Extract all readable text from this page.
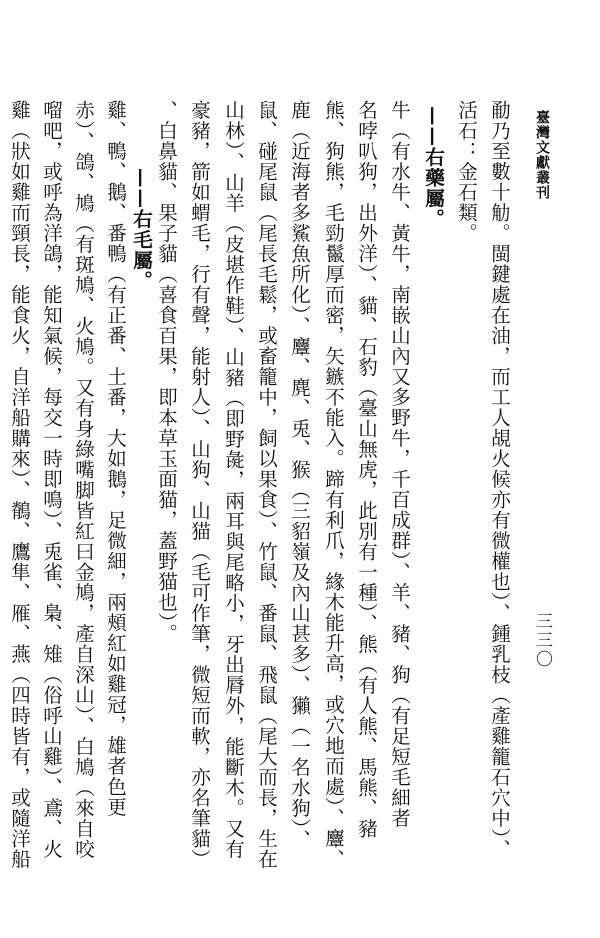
臺灣文獻叢刊
三三〇
勈乃至數十觔。閩鍵處在油，而工人覘火候亦有微權也）、鍾乳枝（產雞籠石穴中）、
活石：金石類。
——右藥屬。
牛（有水牛、黃牛，南嵌山內又多野牛，千百成群）、羊、豬、狗（有足短毛細者
名哱叭狗，出外洋）、貓、石豹（臺山無虎，此別有一種）、熊（有人熊、馬熊、豬
熊、狗熊，毛勁鬣厚而密，矢鏃不能入。蹄有利爪，緣木能升高，或穴地而處）、麞、
鹿（近海者多鯊魚所化）、麞、麂、兎、猴（三貂嶺及內山甚多）、獺（一名水狗）、
鼠、碰尾鼠（尾長毛鬆，或畜籠中，飼以果食）、竹鼠、番鼠、飛鼠（尾大而長，生在
山林）、山羊（皮堪作鞋）、山豬（即野彘，兩耳與尾略小，牙出脣外，能斷木。又有
豪豬，箭如蝟毛，行有聲，能射人）、山狗、山猫（毛可作筆，微短而軟，亦名筆貓）
、白鼻貓、果子貓（喜食百果，即本草玉面猫，蓋野猫也）。
——右毛屬。
雞、鴨、鵝、番鴨（有正番、土番，大如鵝，足微細，兩頰紅如雞冠，雄者色更
赤）、鴿、鳩（有斑鳩、火鳩。又有身綠嘴脚皆紅曰金鳩，產自深山）、白鳩（來自咬
𠺕吧，或呼為洋鴿，能知氣候，每交一時即鳴）、兎雀、梟、雉（俗呼山雞）、鳶、火
雞（狀如雞而頸長，能食火，自洋船購來）、鶺、鷹隼、雁、燕（四時皆有，或隨洋船
